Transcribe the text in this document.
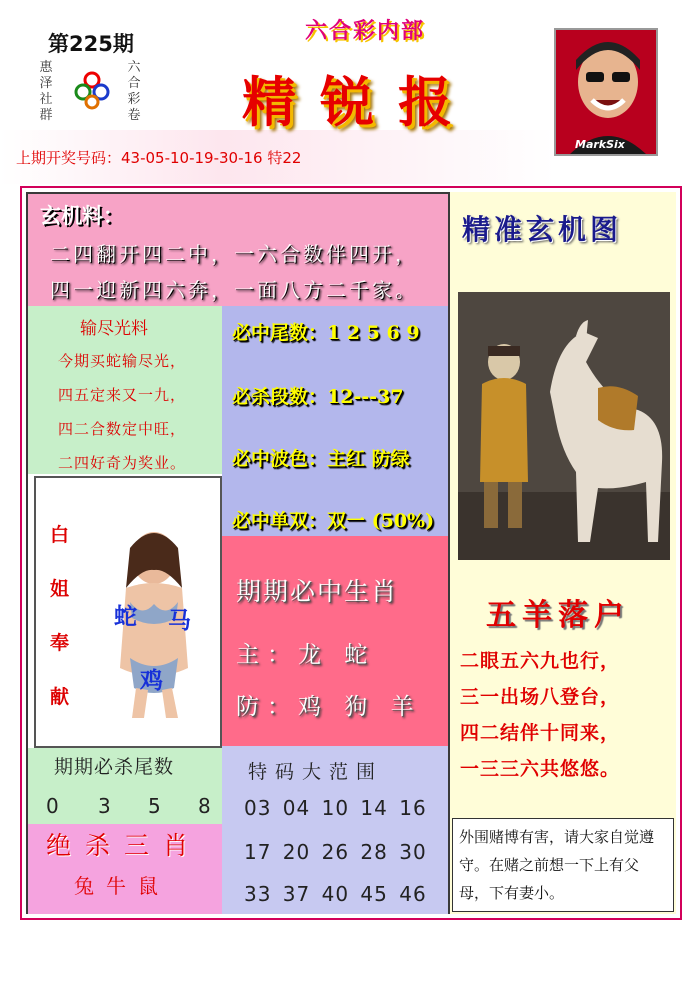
第225期
惠泽
社群
六合
彩卷
六合彩内部
精锐报
上期开奖号码：43-05-10-19-30-16 特22
MarkSix
玄机料：
二四翻开四二中，一六合数伴四开，
四一迎新四六奔，一面八方二千家。
输尽光料
今期买蛇输尽光，
四五定来又一九，
四二合数定中旺，
二四好奇为奖业。
必中尾数：1 2 5 6 9
必杀段数：12---37
必中波色：主红 防绿
必中单双：双一 (50%)
白
姐
奉
献
蛇 马
鸡
期期必中生肖
主：龙 蛇
防：鸡 狗 羊
期期必杀尾数
0 3 5 8
绝杀三肖
兔牛鼠
特码大范围
03 04 10 14 16
17 20 26 28 30
33 37 40 45 46
精准玄机图
五羊落户
二眼五六九也行，
三一出场八登台，
四二结伴十同来，
一三三六共悠悠。
外围赌博有害，请大家自觉遵守。在赌之前想一下上有父母，下有妻小。
